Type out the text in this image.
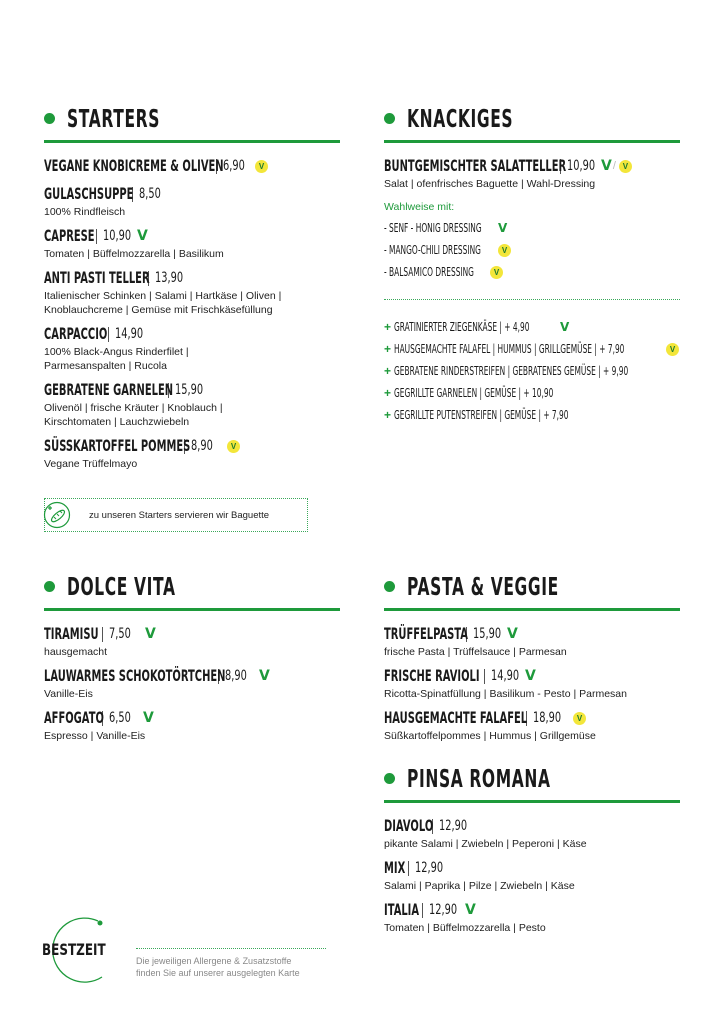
STARTERS
VEGANE KNOBICREME & OLIVEN 6,90	V
GULASCHSUPPE 8,50
100% Rindfleisch
CAPRESE 10,90 V
Tomaten | Büffelmozzarella | Basilikum
ANTI PASTI TELLER 13,90
Italienischer Schinken | Salami | Hartkäse | Oliven | Knoblauchcreme | Gemüse mit Frischkäsefüllung
CARPACCIO 14,90
100% Black-Angus Rinderfilet | Parmesanspalten | Rucola
GEBRATENE GARNELEN 15,90
Olivenöl | frische Kräuter | Knoblauch | Kirschtomaten | Lauchzwiebeln
SÜSSKARTOFFEL POMMES 8,90	V
Vegane Trüffelmayo
zu unseren Starters servieren wir Baguette
KNACKIGES
BUNTGEMISCHTER SALATTELLER 10,90 V / V
Salat | ofenfrisches Baguette | Wahl-Dressing
Wahlweise mit:
- SENF - HONIG DRESSING	V
- MANGO-CHILI DRESSING	V
- BALSAMICO DRESSING	V
+ GRATINIERTER ZIEGENKÄSE | + 4,90	V
+ HAUSGEMACHTE FALAFEL | HUMMUS | GRILLGEMÜSE | + 7,90	V
+ GEBRATENE RINDERSTREIFEN | GEBRATENES GEMÜSE | + 9,90
+ GEGRILLTE GARNELEN | GEMÜSE | + 10,90
+ GEGRILLTE PUTENSTREIFEN | GEMÜSE | + 7,90
DOLCE VITA
TIRAMISU 7,50	V
hausgemacht
LAUWARMES SCHOKOTÖRTCHEN 8,90 V
Vanille-Eis
AFFOGATO 6,50 V
Espresso | Vanille-Eis
PASTA & VEGGIE
TRÜFFELPASTA 15,90 V
frische Pasta | Trüffelsauce | Parmesan
FRISCHE RAVIOLI 14,90 V
Ricotta-Spinatfüllung | Basilikum - Pesto | Parmesan
HAUSGEMACHTE FALAFEL 18,90	V
Süßkartoffelpommes | Hummus | Grillgemüse
PINSA ROMANA
DIAVOLO 12,90
pikante Salami | Zwiebeln | Peperoni | Käse
MIX 12,90
Salami | Paprika | Pilze | Zwiebeln | Käse
ITALIA 12,90 V
Tomaten | Büffelmozzarella | Pesto
BESTZEIT
Die jeweiligen Allergene & Zusatzstoffe
finden Sie auf unserer ausgelegten Karte
